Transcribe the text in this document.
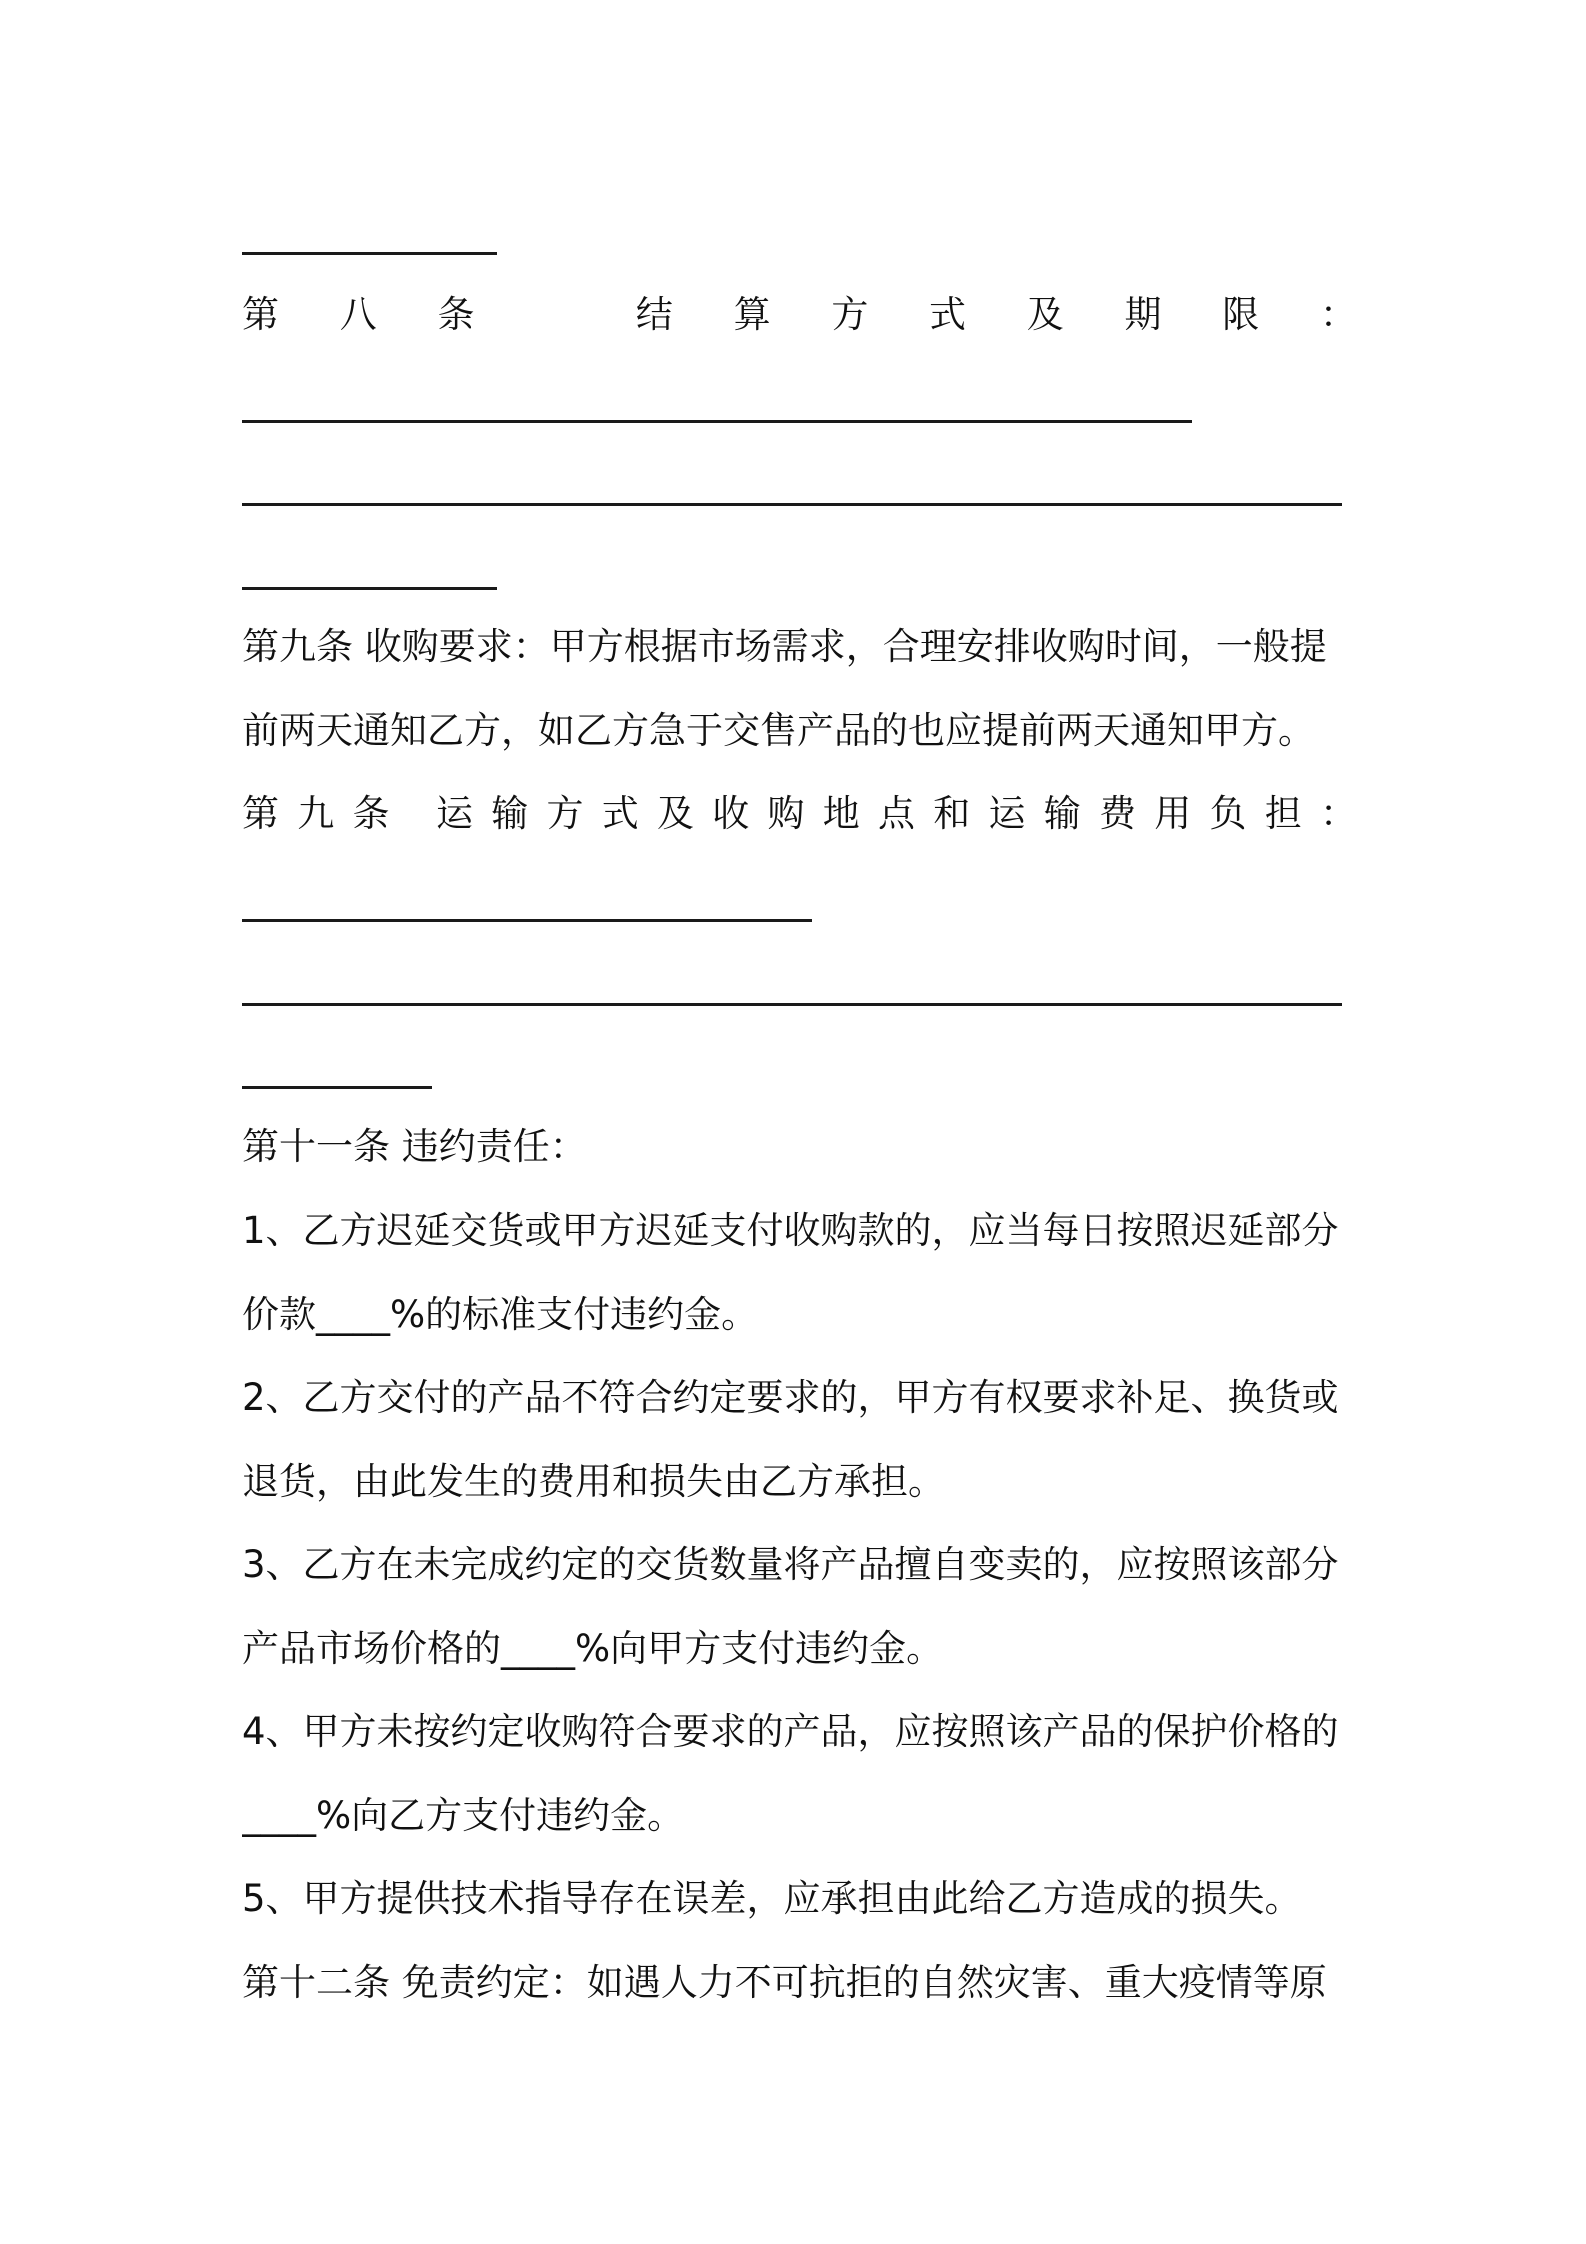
第 八 条	结 算 方 式 及 期 限 ：
第九条 收购要求：甲方根据市场需求，合理安排收购时间，一般提
前两天通知乙方，如乙方急于交售产品的也应提前两天通知甲方。
第 九 条 运 输 方 式 及 收 购 地 点 和 运 输 费 用 负 担 ：
第十一条 违约责任：
1、乙方迟延交货或甲方迟延支付收购款的，应当每日按照迟延部分
价款____%的标准支付违约金。
2、乙方交付的产品不符合约定要求的，甲方有权要求补足、换货或
退货，由此发生的费用和损失由乙方承担。
3、乙方在未完成约定的交货数量将产品擅自变卖的，应按照该部分
产品市场价格的____%向甲方支付违约金。
4、甲方未按约定收购符合要求的产品，应按照该产品的保护价格的
____%向乙方支付违约金。
5、甲方提供技术指导存在误差，应承担由此给乙方造成的损失。
第十二条 免责约定：如遇人力不可抗拒的自然灾害、重大疫情等原
